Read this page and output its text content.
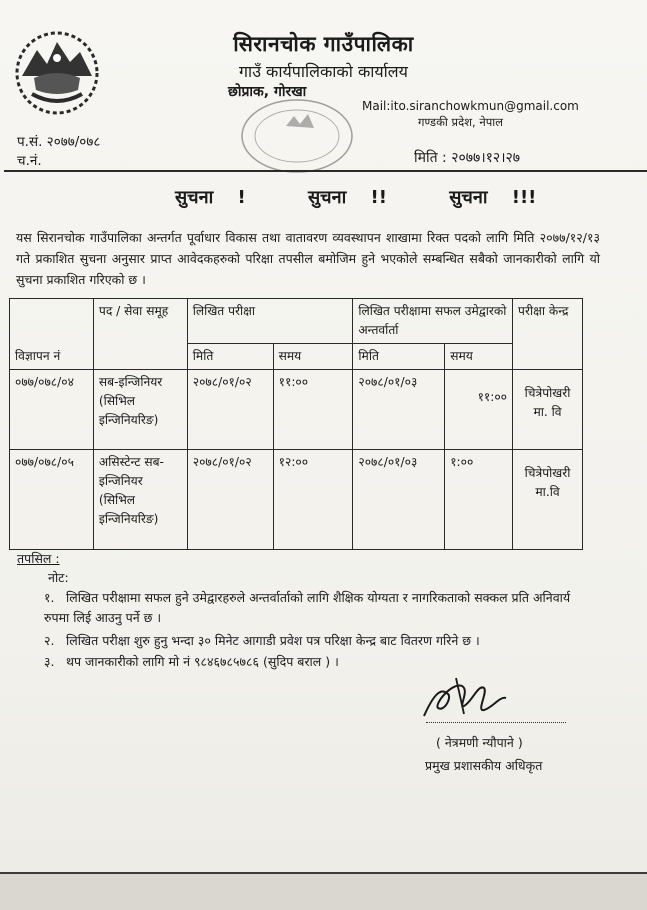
सिरानचोक गाउँपालिका
गाउँ कार्यपालिकाको कार्यालय
छोप्राक, गोरखा
Mail:ito.siranchowkmun@gmail.com
गण्डकी प्रदेश, नेपाल
प.सं. २०७७/०७८
च.नं.	मिति : २०७७।१२।२७
सुचना !	सुचना !!	सुचना !!!
यस सिरानचोक गाउँपालिका अन्तर्गत पूर्वाधार विकास तथा वातावरण व्यवस्थापन शाखामा रिक्त पदको लागि मिति २०७७/१२/१३ गते प्रकाशित सुचना अनुसार प्राप्त आवेदकहरुको परिक्षा तपसील बमोजिम हुने भएकोले सम्बन्धित सबैको जानकारीको लागि यो सुचना प्रकाशित गरिएको छ ।
विज्ञापन नं	पद / सेवा समूह	लिखित परीक्षा		लिखित परीक्षामा सफल उमेद्वारको अन्तर्वार्ता		परीक्षा केन्द्र
		मिति	समय	मिति	समय	
०७७/०७८/०४	सब-इन्जिनियर (सिभिल इन्जिनियरिङ)	२०७८/०१/०२	११:००	२०७८/०१/०३	११:००	चित्रेपोखरी मा. वि
०७७/०७८/०५	असिस्टेन्ट सब-इन्जिनियर (सिभिल इन्जिनियरिङ)	२०७८/०१/०२	१२:००	२०७८/०१/०३	१:००	चित्रेपोखरी मा.वि
तपसिल :
नोट:
१. लिखित परीक्षामा सफल हुने उमेद्वारहरुले अन्तर्वार्ताको लागि शैक्षिक योग्यता र नागरिकताको सक्कल प्रति अनिवार्य रुपमा लिई आउनु पर्ने छ ।
२. लिखित परीक्षा शुरु हुनु भन्दा ३० मिनेट आगाडी प्रवेश पत्र परिक्षा केन्द्र बाट वितरण गरिने छ ।
३. थप जानकारीको लागि मो नं ९८४६७८५७८६ (सुदिप बराल ) ।
( नेत्रमणी न्यौपाने )
प्रमुख प्रशासकीय अधिकृत
